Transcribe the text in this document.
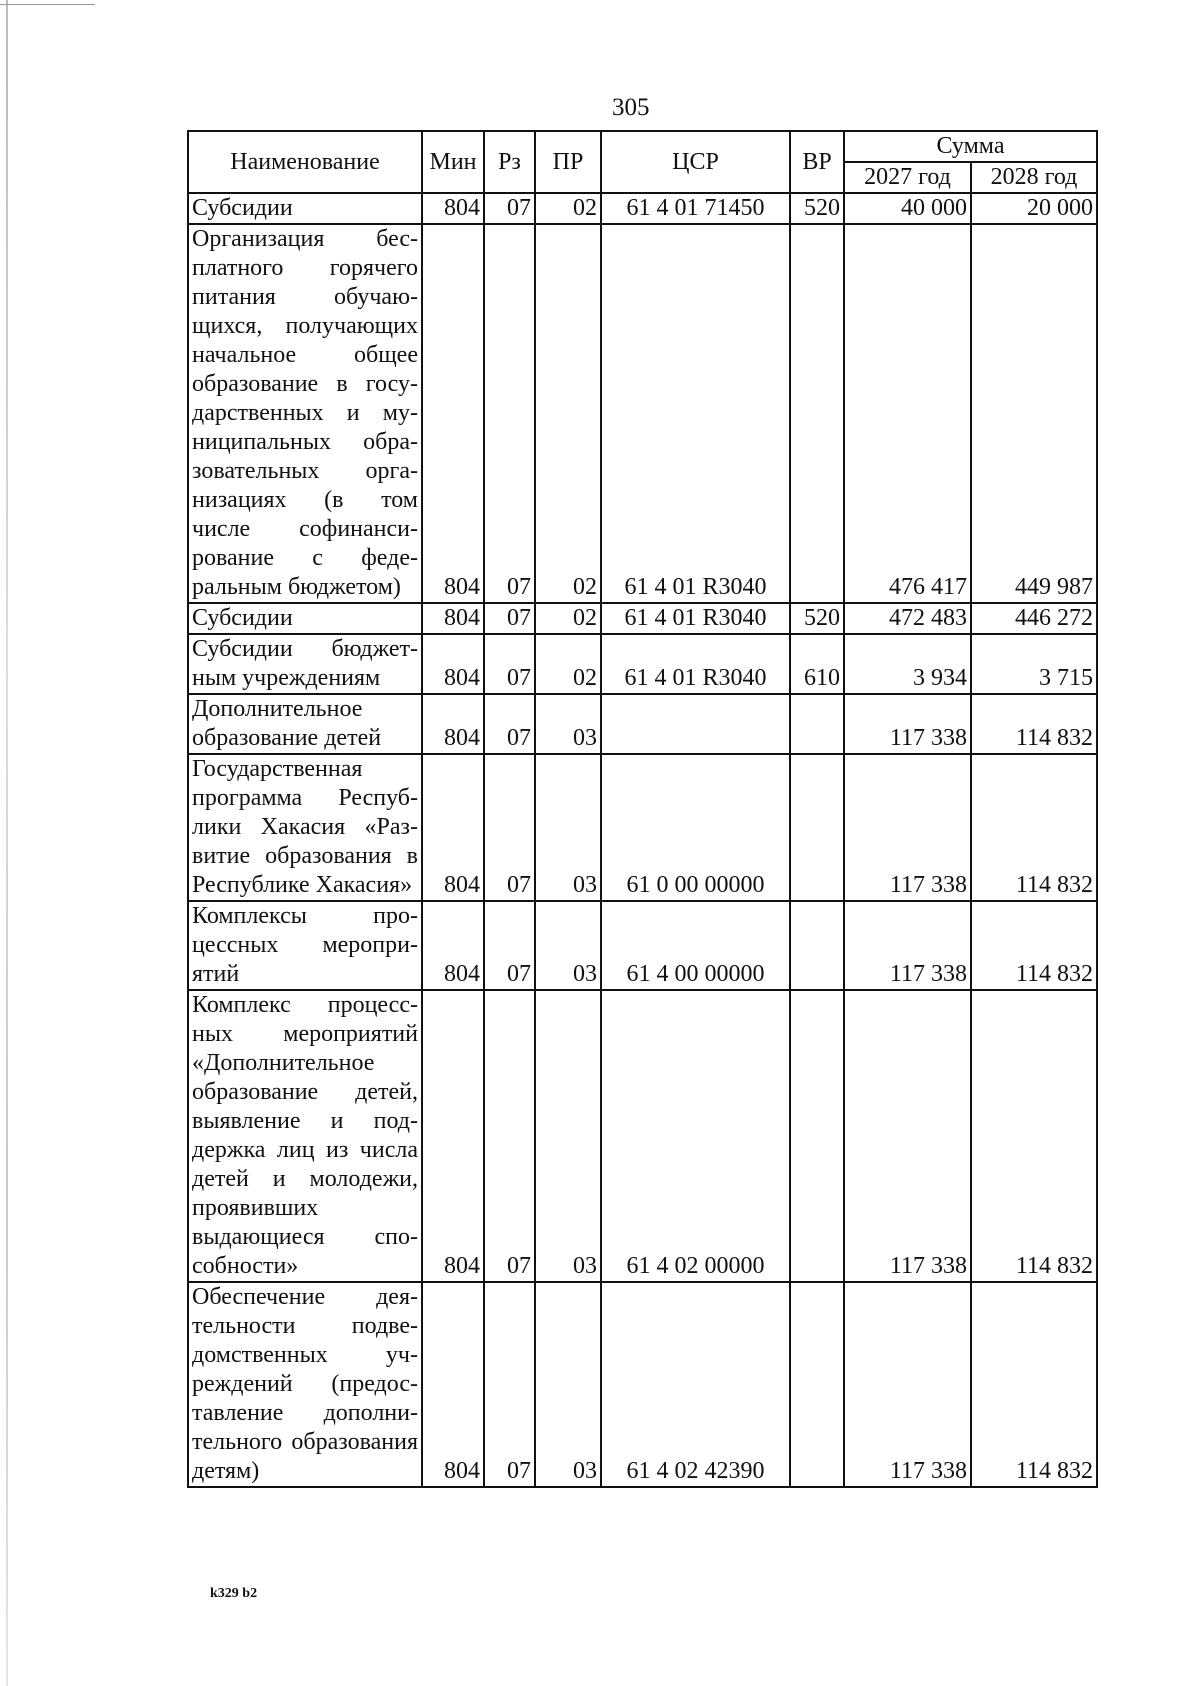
305
Наименование	Мин	Рз	ПР	ЦСР	ВР	Сумма	
						2027 год	2028 год
Субсидии	804	07	02	61 4 01 71450	520	40 000	20 000
Организация бесплатного горячего питания обучающихся, получающих начальное общее образование в государственных и муниципальных образовательных организациях (в том числе софинансирование с федеральным бюджетом)	804	07	02	61 4 01 R3040		476 417	449 987
Субсидии	804	07	02	61 4 01 R3040	520	472 483	446 272
Субсидии бюджетным учреждениям	804	07	02	61 4 01 R3040	610	3 934	3 715
Дополнительное образование детей	804	07	03			117 338	114 832
Государственная программа Республики Хакасия «Развитие образования в Республике Хакасия»	804	07	03	61 0 00 00000		117 338	114 832
Комплексы процессных мероприятий	804	07	03	61 4 00 00000		117 338	114 832
Комплекс процессных мероприятий «Дополнительное образование детей, выявление и поддержка лиц из числа детей и молодежи, проявивших выдающиеся способности»	804	07	03	61 4 02 00000		117 338	114 832
Обеспечение деятельности подведомственных учреждений (предоставление дополнительного образования детям)	804	07	03	61 4 02 42390		117 338	114 832
k329 b2
